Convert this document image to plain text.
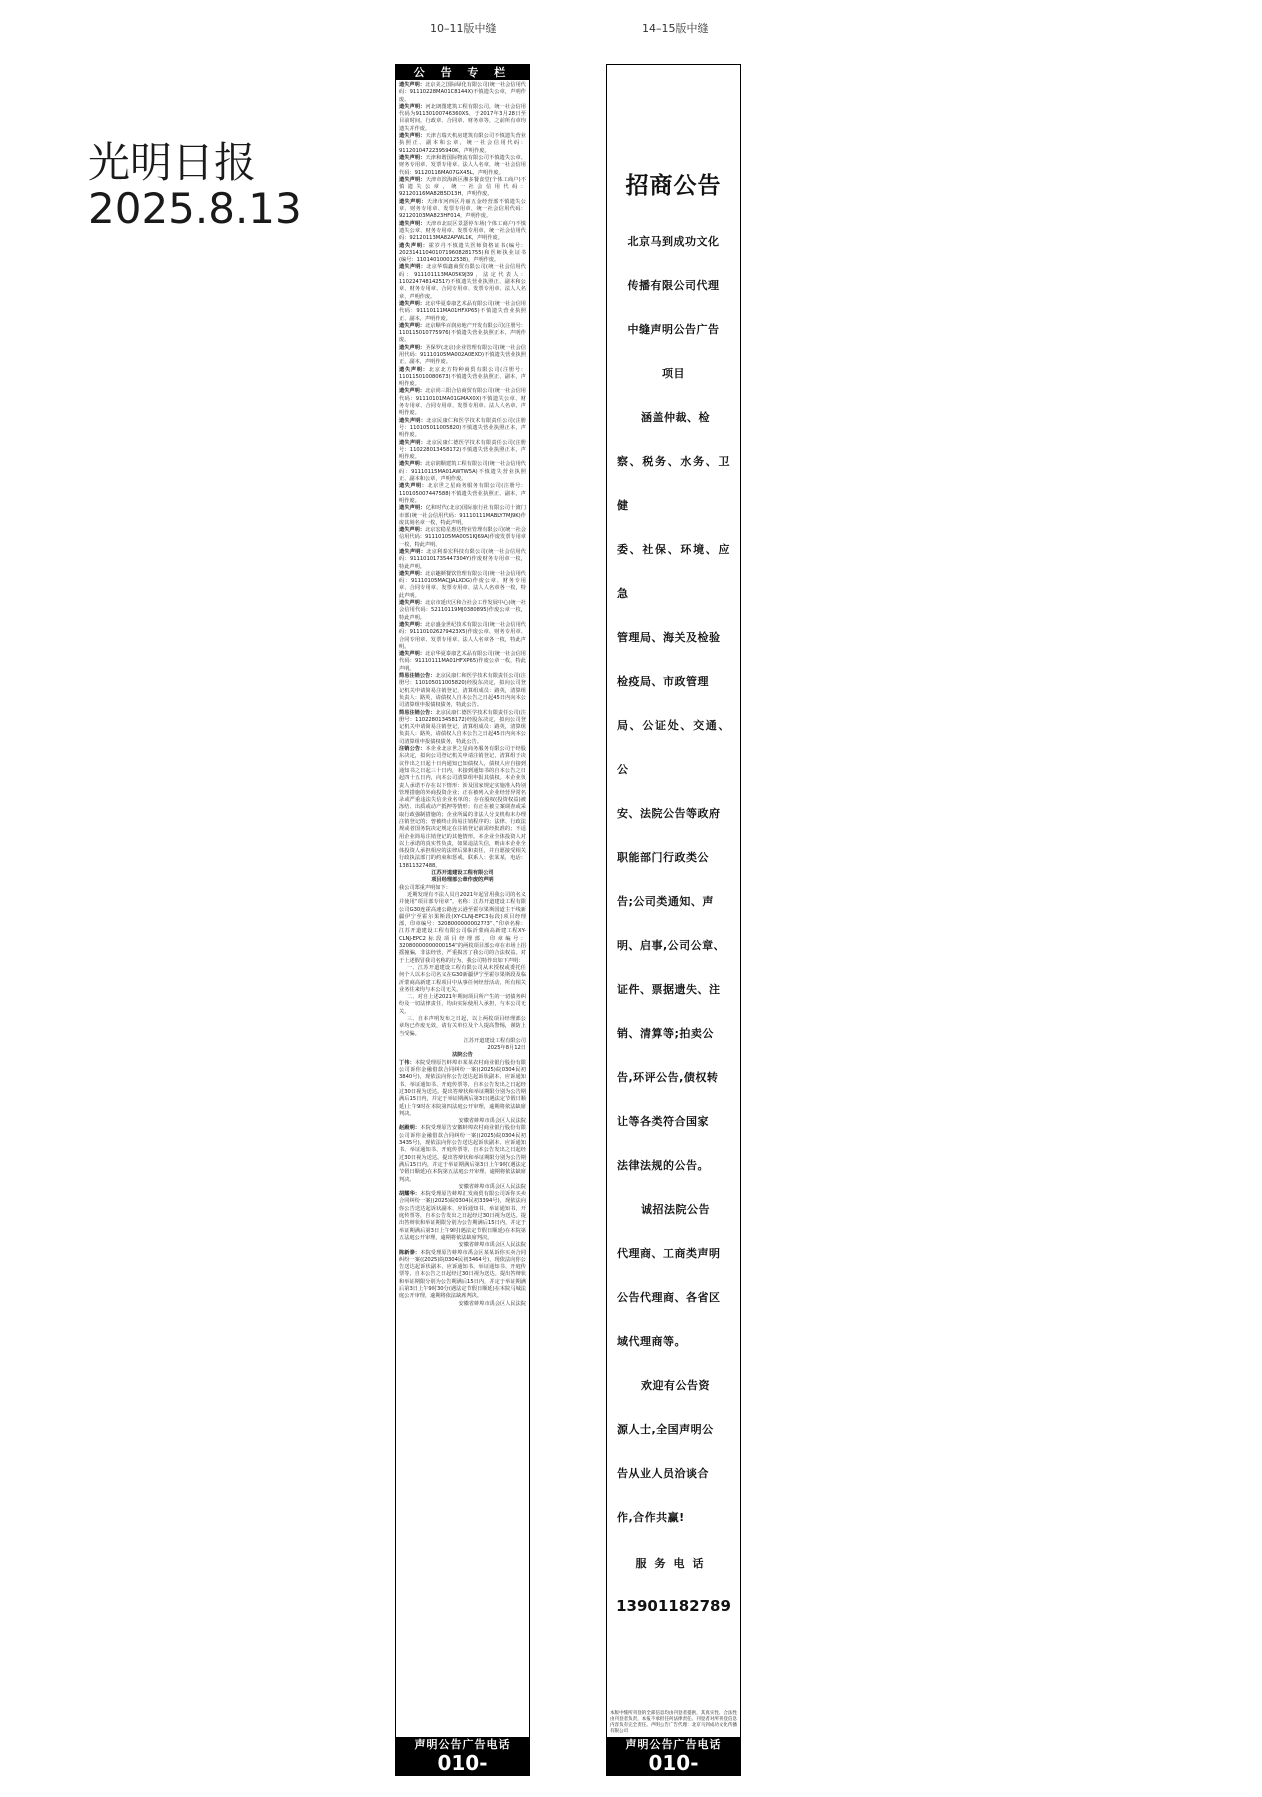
光明日报
2025.8.13
10–11版中缝	14–15版中缝
公 告 专 栏

遗失声明：北京美之国际绿化有限公司(统一社会信用代码：91110228MA01C8144X)不慎遗失公章，声明作废。

遗失声明：河北朗图建筑工程有限公司，统一社会信用代码为91130100746360XS，于2017年3月28日至目前时间，行政章、合同章、财务章等，之前所有章均遗失并作废。

遗失声明：天津吉瑞天机房建筑有限公司不慎遗失营业执照正、副本和公章，统一社会信用代码：91120104722395940K，声明作废。

遗失声明：天津和谐国际物流有限公司不慎遗失公章、财务专用章、发票专用章、法人人名章，统一社会信用代码：91120116MA07GX45L，声明作废。

遗失声明：天津市滨海新区湘多餐食堂(个体工商户)不慎遗失公章，统一社会信用代码：92120116MA82B5D13H，声明作废。

遗失声明：天津市河西区丹丽五金经营部不慎遗失公章、财务专用章、发票专用章，统一社会信用代码：92120103MA823HF014，声明作废。

遗失声明：天津市北辰区景瑟停车场(个体工商户)不慎遗失公章、财务专用章、发票专用章，统一社会信用代码：92120113MA82APWL1K，声明作废。

遗失声明：霍岁丹不慎遗失医师资格证书(编号：2023141104010719608281755)和医师执业证书(编号：110140100012538)，声明作废。

遗失声明：北京华瑞鑫商贸有限公司(统一社会信用代码：911101113MA05K9J39，法定代表人：11022474814251?)不慎遗失营业执照正、副本和公章、财务专用章、合同专用章、发票专用章、法人人名章，声明作废。

遗失声明：北京华夏泰康艺术品有限公司(统一社会信用代码：91110111MA01HFXP65)不慎遗失营业执照正、副本，声明作废。

遗失声明：北京顺华百润房地产开发有限公司(注册号：110115010775976)不慎遗失营业执照正本，声明作废。

遗失声明：圣保罗(北京)企业管理有限公司(统一社会信用代码：91110105MA002A0EXD)不慎遗失营业执照正、副本，声明作废。

遗失声明：北京北方特种商贸有限公司(注册号：110115010080673)不慎遗失营业执照正、副本，声明作废。

遗失声明：北京尚三阳合信商贸有限公司(统一社会信用代码：91110101MA01GMAX0X)不慎遗失公章、财务专用章、合同专用章、发票专用章、法人人名章，声明作废。

遗失声明：北京民康仁和医学技术有限责任公司(注册号：110105011005820)不慎遗失营业执照正本，声明作废。

遗失声明：北京民康仁德医学技术有限责任公司(注册号：110228013458172)不慎遗失营业执照正本，声明作废。

遗失声明：北京润顺建筑工程有限公司(统一社会信用代码：91110115MA01AWTW5A)不慎遗失营业执照正、副本和公章，声明作废。

遗失声明：北京世之星商务服务有限公司(注册号：110105007447588)不慎遗失营业执照正、副本，声明作废。

遗失声明：亿和时代(北京)国际旅行社有限公司十渡门市部(统一社会信用代码：91110111MABLY7MJ9K)作废其刻名章一枚，特此声明。

遗失声明：北京宏稳星惠达物业管理有限公司(统一社会信用代码：91110105MA0051KJ69A)作废发票专用章一枚，特此声明。

遗失声明：北京利泰宏科技有限公司(统一社会信用代码：91110101735447304Y)作废财务专用章一枚，特此声明。

遗失声明：北京趣颜餐饮管理有限公司(统一社会信用代码：91110105MACJJALXDG)作废公章、财务专用章、合同专用章、发票专用章、法人人名章各一枚，特此声明。

遗失声明：北京市延庆区和合社会工作发展中心(统一社会信用代码：52110119MJ0380895)作废公章一枚，特此声明。

遗失声明：北京盛金世纪技术有限公司(统一社会信用代码：9111010262?9423X5)作废公章、财务专用章、合同专用章、发票专用章、法人人名章各一枚，特此声明。

遗失声明：北京华夏泰康艺术品有限公司(统一社会信用代码：91110111MA01HFXP65)作废公章一枚，特此声明。

简易注销公告：北京民康仁和医学技术有限责任公司(注册号：110105011005820)经股东决定，拟向公司登记机关申请简易注销登记，清算组成员：路英，清算组负责人：路英，请债权人自本公告之日起45日内向本公司清算组申报债权债务，特此公告。

简易注销公告：北京民康仁德医学技术有限责任公司(注册号：110228013458172)经股东决定，拟向公司登记机关申请简易注销登记，清算组成员：路英，清算组负责人：路英，请债权人自本公告之日起45日内向本公司清算组申报债权债务，特此公告。

注销公告：本企业北京世之星商务服务有限公司于经股东决定，拟向公司登记机关申请注销登记，清算组于决议作出之日起十日内通知已知债权人，债权人应自接到通知书之日起三十日内，未接到通知书的自本公告之日起四十五日内，向本公司清算组申报其债权。本企业负责人承诺不存在以下情形：涉及国家规定实施准入特别管理措施的外商投资企业；正在被列入企业经营异常名录或严重违法失信企业名单的；存在股权(投资权益)被冻结、出质或动产抵押等情形；有正在被立案调查或采取行政强制措施的；企业所属的非法人分支机构未办理注销登记的；曾被终止简易注销程序的；法律、行政法规或者国务院决定规定在注销登记前需经批准的；不适用企业简易注销登记的其他情形。本企业全体投资人对以上承诺的真实性负责，如果违法失信，则由本企业全体投资人承担相应的法律后果和责任，并自愿接受相关行政执法部门的约束和惩戒。联系人：张某某，电话：13811327488。

江苏开道建设工程有限公司

项目经理部公章作废的声明

我公司郑重声明如下：

近期发现有不法人员自2021年起冒用我公司的名义并使用“项目部专用章”，名称：江苏开道建设工程有限公司G30连霍高速公路连云港至霍尔果斯国道主干线新疆伊宁至霍尔果斯段(XY-CLNJ-EPC3标段)项目经理部，印章编号：32080000000027?3“、”印章名称：江苏开道建设工程有限公司临沂蒙商高新建工程XY-CLNJ-EPC2标段项目经理部，印章编号：32080000000000154“的两枚项目部公章在市场上招摇撞骗，非法经营，严重损害了我公司的合法权益。对于上述假冒我司名称的行为，我公司特作出如下声明：

一、江苏开道建设工程有限公司从未授权或委托任何个人以本公司名义在G30新疆伊宁至霍尔果斯段及临沂蒙商高新建工程项目中从事任何经营活动，所有相关业务往来均与本公司无关。

二、对自上述2021年期间项目所产生的一切债务纠纷及一切法律责任，均由实际使用人承担，与本公司无关。

三、自本声明发布之日起，以上两枚项目经理部公章均已作废无效，请有关单位及个人提高警惕，谨防上当受骗。

江苏开道建设工程有限公司

2025年8月12日

法院公告

丁伟：本院受理原告蚌埠市某某农村商业银行股份有限公司诉你金融借款合同纠纷一案((2025)皖0304民初3840号)，现依法向你公告送达起诉状副本、应诉通知书、举证通知书、开庭传票等，自本公告发出之日起经过30日视为送达。提出答辩状和举证期限分别为公告期满后15日内，并定于举证期满后第3日(遇法定节假日顺延)上午9时在本院第四法庭公开审理，逾期将依法缺席判决。

安徽省蚌埠市禹会区人民法院

赵殿明：本院受理原告安徽蚌埠农村商业银行股份有限公司诉你金融借款合同纠纷一案((2025)皖0304民初3435号)，现依法向你公告送达起诉状副本、应诉通知书、举证通知书、开庭传票等，自本公告发出之日起经过30日视为送达。提出答辩状和举证期限分别为公告期满后15日内，并定于举证期满后第3日上午9时(遇法定节假日顺延)在本院第五法庭公开审理，逾期将依法缺席判决。

安徽省蚌埠市禹会区人民法院

胡耀华：本院受理原告蚌埠汇发商贸有限公司诉你买卖合同纠纷一案((2025)皖0304民初3394号)，现依法向你公告送达起诉状副本、应诉通知书、举证通知书、开庭传票等，自本公告发出之日起经过30日视为送达。提出答辩状和举证期限分别为公告期满后15日内，并定于举证期满后第3日上午9时(遇法定节假日顺延)在本院第五法庭公开审理，逾期将依法缺席判决。

安徽省蚌埠市禹会区人民法院

陈新泰：本院受理原告蚌埠市禹会区某某诉你买卖合同纠纷一案((2025)皖0304民初3464号)，现依法向你公告送达起诉状副本、应诉通知书、举证通知书、开庭传票等，自本公告之日起经过30日视为送达。提出答辩状和举证期限分别为公告期满后15日内，并定于举证期满后第3日上午9时30分(遇法定节假日顺延)在本院马城法庭公开审理，逾期将依法缺席判决。

安徽省蚌埠市禹会区人民法院

声明公告广告电话
010-67616666
招商公告

北京马到成功文化

传播有限公司代理

中缝声明公告广告

项目

涵盖仲裁、检

察、税务、水务、卫健

委、社保、环境、应急

管理局、海关及检验

检疫局、市政管理

局、公证处、交通、公

安、法院公告等政府

职能部门行政类公

告;公司类通知、声

明、启事,公司公章、

证件、票据遗失、注

销、清算等;拍卖公

告,环评公告,债权转

让等各类符合国家

法律法规的公告。

诚招法院公告

代理商、工商类声明

公告代理商、各省区

域代理商等。

欢迎有公告资

源人士,全国声明公

告从业人员洽谈合

作,合作共赢!

服务电话
13901182789
本版中缝所刊登的全部信息均由刊登者提供，其真实性、合法性由刊登者负责，本报不承担任何法律责任。刊登者对所刊登信息内容负有完全责任。声明公告广告代理：北京马到成功文化传播有限公司
声明公告广告电话
010-67616666
